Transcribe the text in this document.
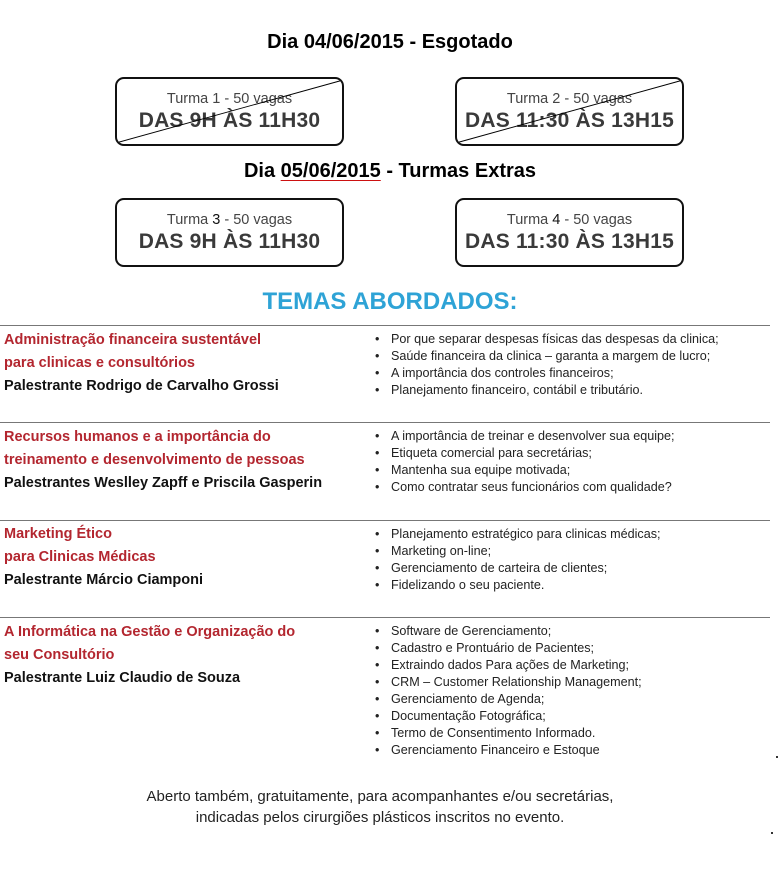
Dia 04/06/2015 - Esgotado
Turma 1 - 50 vagas
DAS 9H ÀS 11H30
Turma 2 - 50 vagas
DAS 11:30 ÀS 13H15
Dia 05/06/2015 - Turmas Extras
Turma 3 - 50 vagas
DAS 9H ÀS 11H30
Turma 4 - 50 vagas
DAS 11:30 ÀS 13H15
TEMAS ABORDADOS:
Administração financeira sustentável
para clinicas e consultórios
Palestrante Rodrigo de Carvalho Grossi
• Por que separar despesas físicas das despesas da clinica;
• Saúde financeira da clinica – garanta a margem de lucro;
• A importância dos controles financeiros;
• Planejamento financeiro, contábil e tributário.
Recursos humanos e a importância do
treinamento e desenvolvimento de pessoas
Palestrantes Weslley Zapff e Priscila Gasperin
• A importância de treinar e desenvolver sua equipe;
• Etiqueta comercial para secretárias;
• Mantenha sua equipe motivada;
• Como contratar seus funcionários com qualidade?
Marketing Ético
para Clinicas Médicas
Palestrante Márcio Ciamponi
• Planejamento estratégico para clinicas médicas;
• Marketing on-line;
• Gerenciamento de carteira de clientes;
• Fidelizando o seu paciente.
A Informática na Gestão e Organização do
seu Consultório
Palestrante Luiz Claudio de Souza
• Software de Gerenciamento;
• Cadastro e Prontuário de Pacientes;
• Extraindo dados Para ações de Marketing;
• CRM – Customer Relationship Management;
• Gerenciamento de Agenda;
• Documentação Fotográfica;
• Termo de Consentimento Informado.
• Gerenciamento Financeiro e Estoque
Aberto também, gratuitamente, para acompanhantes e/ou secretárias,
indicadas pelos cirurgiões plásticos inscritos no evento.
